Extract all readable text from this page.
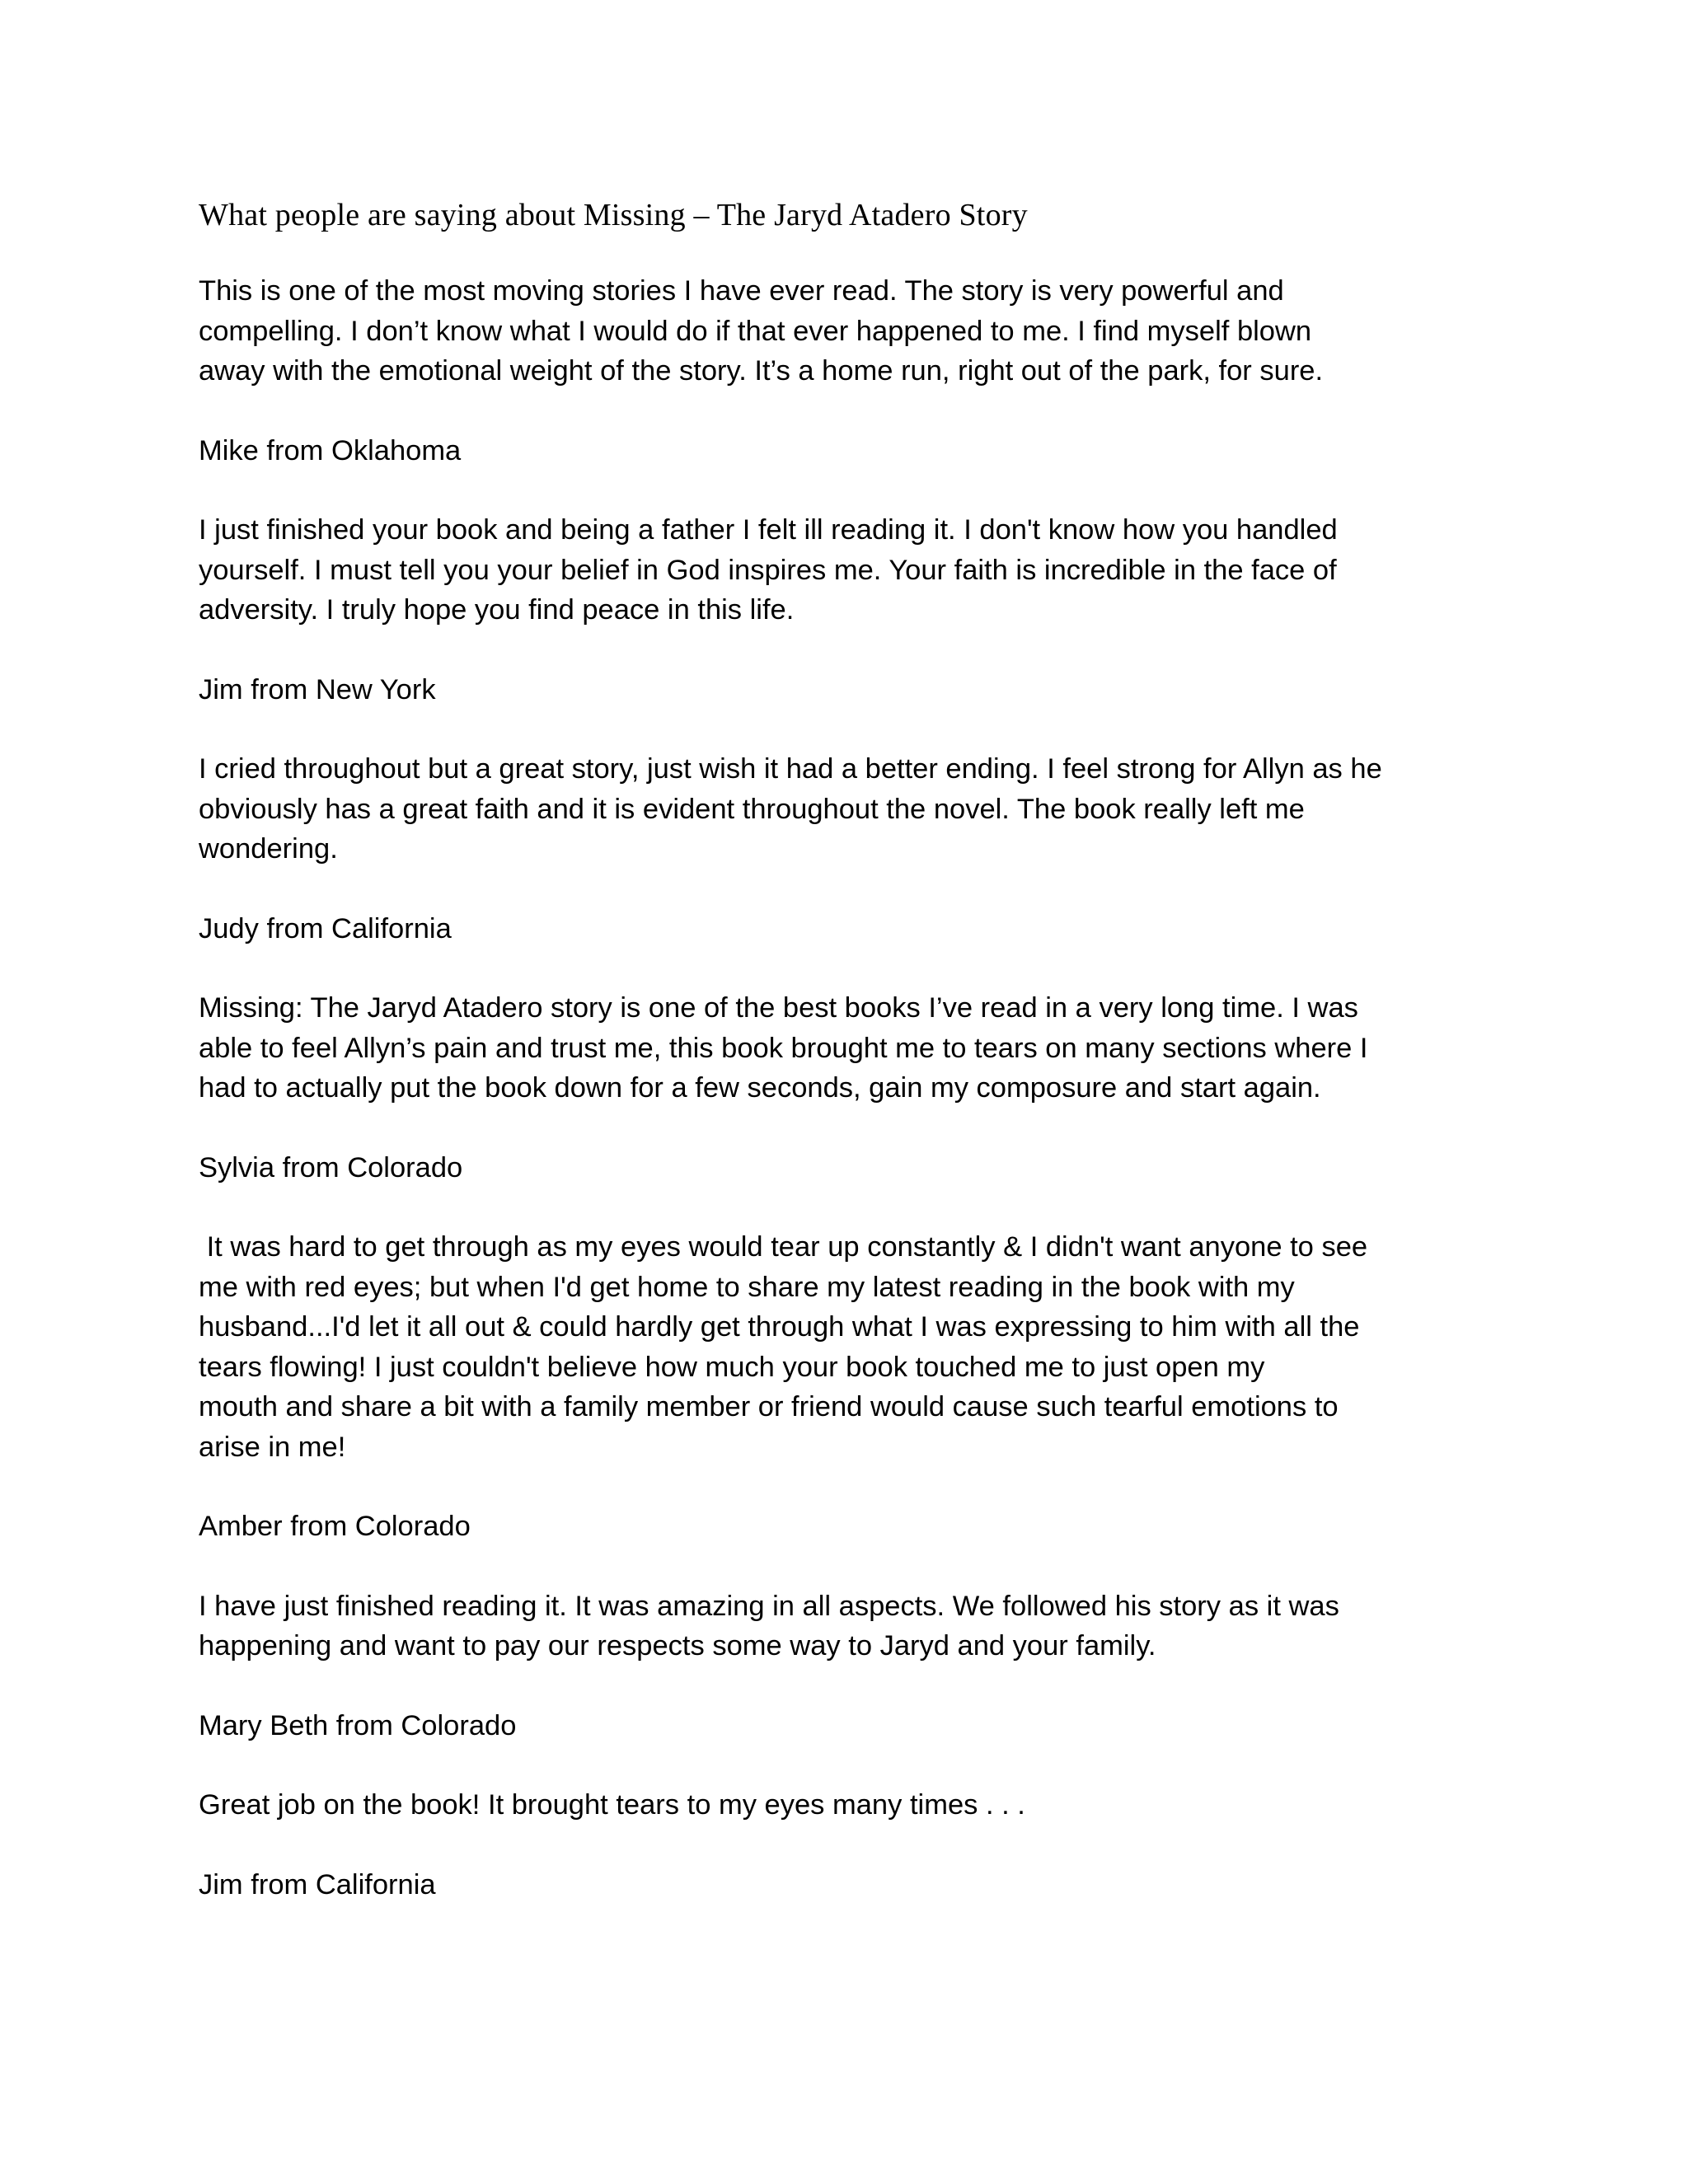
What people are saying about Missing – The Jaryd Atadero Story

This is one of the most moving stories I have ever read. The story is very powerful and
compelling. I don’t know what I would do if that ever happened to me. I find myself blown
away with the emotional weight of the story. It’s a home run, right out of the park, for sure.

Mike from Oklahoma

I just finished your book and being a father I felt ill reading it. I don't know how you handled
yourself. I must tell you your belief in God inspires me. Your faith is incredible in the face of
adversity. I truly hope you find peace in this life.

Jim from New York

I cried throughout but a great story, just wish it had a better ending. I feel strong for Allyn as he
obviously has a great faith and it is evident throughout the novel. The book really left me
wondering.

Judy from California

Missing: The Jaryd Atadero story is one of the best books I’ve read in a very long time. I was
able to feel Allyn’s pain and trust me, this book brought me to tears on many sections where I
had to actually put the book down for a few seconds, gain my composure and start again.

Sylvia from Colorado

It was hard to get through as my eyes would tear up constantly & I didn't want anyone to see
me with red eyes; but when I'd get home to share my latest reading in the book with my
husband...I'd let it all out & could hardly get through what I was expressing to him with all the
tears flowing! I just couldn't believe how much your book touched me to just open my
mouth and share a bit with a family member or friend would cause such tearful emotions to
arise in me!

Amber from Colorado

I have just finished reading it. It was amazing in all aspects. We followed his story as it was
happening and want to pay our respects some way to Jaryd and your family.

Mary Beth from Colorado

Great job on the book! It brought tears to my eyes many times . . .

Jim from California
